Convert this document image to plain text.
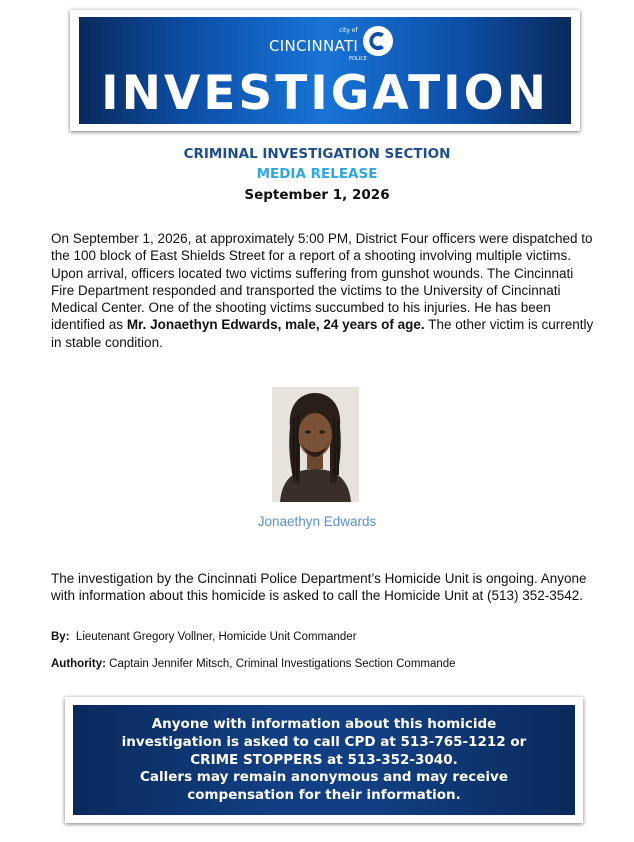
city of
CINCINNATI
POLICE
INVESTIGATION
CRIMINAL INVESTIGATION SECTION
MEDIA RELEASE
September 1, 2026
On September 1, 2026, at approximately 5:00 PM, District Four officers were dispatched to the 100 block of East Shields Street for a report of a shooting involving multiple victims. Upon arrival, officers located two victims suffering from gunshot wounds. The Cincinnati Fire Department responded and transported the victims to the University of Cincinnati Medical Center. One of the shooting victims succumbed to his injuries. He has been identified as Mr. Jonaethyn Edwards, male, 24 years of age. The other victim is currently in stable condition.
Jonaethyn Edwards
The investigation by the Cincinnati Police Department’s Homicide Unit is ongoing. Anyone with information about this homicide is asked to call the Homicide Unit at (513) 352-3542.
By: Lieutenant Gregory Vollner, Homicide Unit Commander
Authority: Captain Jennifer Mitsch, Criminal Investigations Section Commande
Anyone with information about this homicide
investigation is asked to call CPD at 513-765-1212 or
CRIME STOPPERS at 513-352-3040.
Callers may remain anonymous and may receive
compensation for their information.
